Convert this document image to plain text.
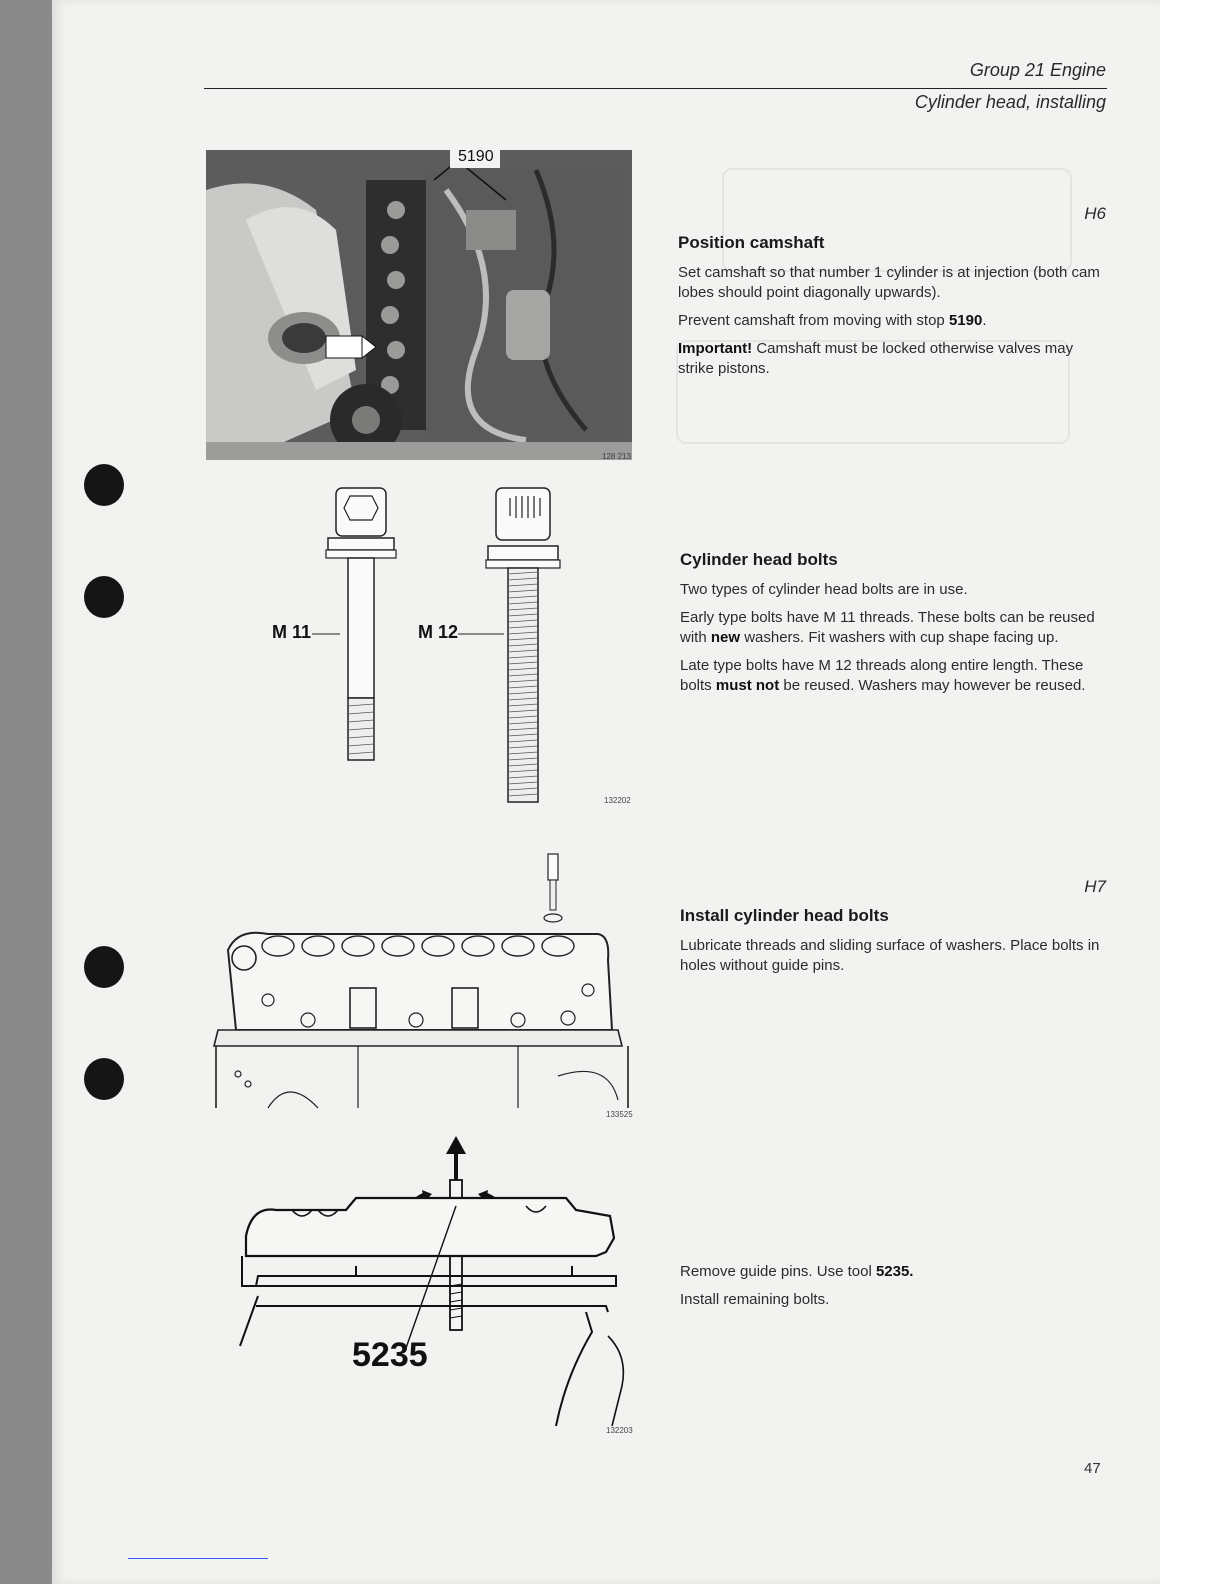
Group 21 Engine
Cylinder head, installing
5190
128 213
M 11	M 12
132202
133525
5235
132203
H6
Position camshaft

Set camshaft so that number 1 cylinder is at injection (both cam lobes should point diagonally upwards).

Prevent camshaft from moving with stop 5190.

Important! Camshaft must be locked otherwise valves may strike pistons.

Cylinder head bolts

Two types of cylinder head bolts are in use.

Early type bolts have M 11 threads. These bolts can be reused with new washers. Fit washers with cup shape facing up.

Late type bolts have M 12 threads along entire length. These bolts must not be reused. Washers may however be reused.

H7
Install cylinder head bolts

Lubricate threads and sliding surface of washers. Place bolts in holes without guide pins.

Remove guide pins. Use tool 5235.

Install remaining bolts.

47
